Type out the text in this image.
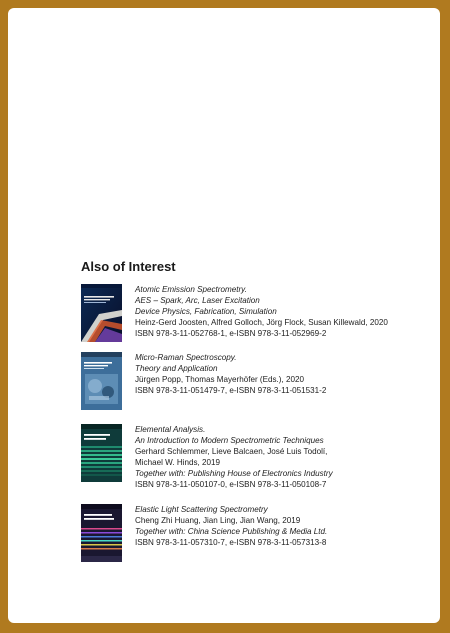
Also of Interest
Atomic Emission Spectrometry.
AES – Spark, Arc, Laser Excitation
Device Physics, Fabrication, Simulation
Heinz-Gerd Joosten, Alfred Golloch, Jörg Flock, Susan Killewald, 2020
ISBN 978-3-11-052768-1, e-ISBN 978-3-11-052969-2
Micro-Raman Spectroscopy.
Theory and Application
Jürgen Popp, Thomas Mayerhöfer (Eds.), 2020
ISBN 978-3-11-051479-7, e-ISBN 978-3-11-051531-2
Elemental Analysis.
An Introduction to Modern Spectrometric Techniques
Gerhard Schlemmer, Lieve Balcaen, José Luis Todolí,
Michael W. Hinds, 2019
Together with: Publishing House of Electronics Industry
ISBN 978-3-11-050107-0, e-ISBN 978-3-11-050108-7
Elastic Light Scattering Spectrometry
Cheng Zhi Huang, Jian Ling, Jian Wang, 2019
Together with: China Science Publishing & Media Ltd.
ISBN 978-3-11-057310-7, e-ISBN 978-3-11-057313-8
